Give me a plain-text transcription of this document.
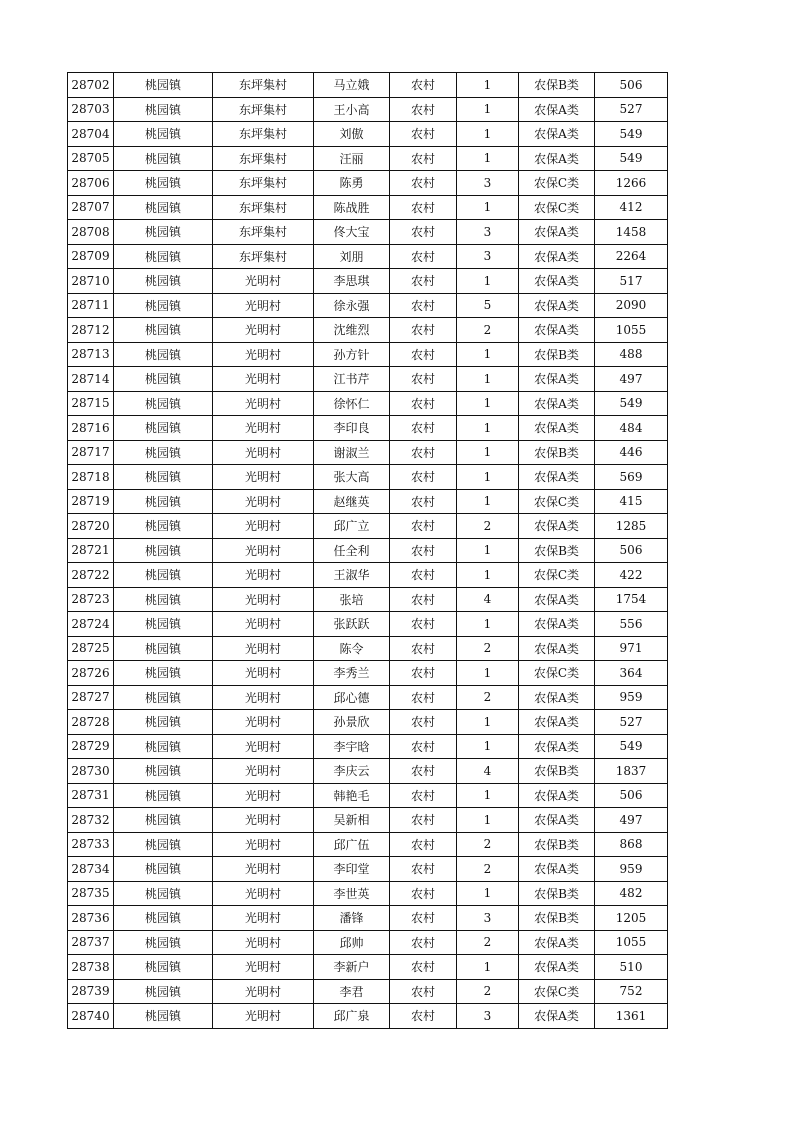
28702	桃园镇	东坪集村	马立娥	农村	1	农保B类	506
28703	桃园镇	东坪集村	王小高	农村	1	农保A类	527
28704	桃园镇	东坪集村	刘傲	农村	1	农保A类	549
28705	桃园镇	东坪集村	汪丽	农村	1	农保A类	549
28706	桃园镇	东坪集村	陈勇	农村	3	农保C类	1266
28707	桃园镇	东坪集村	陈战胜	农村	1	农保C类	412
28708	桃园镇	东坪集村	佟大宝	农村	3	农保A类	1458
28709	桃园镇	东坪集村	刘朋	农村	3	农保A类	2264
28710	桃园镇	光明村	李思琪	农村	1	农保A类	517
28711	桃园镇	光明村	徐永强	农村	5	农保A类	2090
28712	桃园镇	光明村	沈维烈	农村	2	农保A类	1055
28713	桃园镇	光明村	孙方针	农村	1	农保B类	488
28714	桃园镇	光明村	江书芹	农村	1	农保A类	497
28715	桃园镇	光明村	徐怀仁	农村	1	农保A类	549
28716	桃园镇	光明村	李印良	农村	1	农保A类	484
28717	桃园镇	光明村	谢淑兰	农村	1	农保B类	446
28718	桃园镇	光明村	张大高	农村	1	农保A类	569
28719	桃园镇	光明村	赵继英	农村	1	农保C类	415
28720	桃园镇	光明村	邱广立	农村	2	农保A类	1285
28721	桃园镇	光明村	任全利	农村	1	农保B类	506
28722	桃园镇	光明村	王淑华	农村	1	农保C类	422
28723	桃园镇	光明村	张培	农村	4	农保A类	1754
28724	桃园镇	光明村	张跃跃	农村	1	农保A类	556
28725	桃园镇	光明村	陈令	农村	2	农保A类	971
28726	桃园镇	光明村	李秀兰	农村	1	农保C类	364
28727	桃园镇	光明村	邱心德	农村	2	农保A类	959
28728	桃园镇	光明村	孙景欣	农村	1	农保A类	527
28729	桃园镇	光明村	李宇晗	农村	1	农保A类	549
28730	桃园镇	光明村	李庆云	农村	4	农保B类	1837
28731	桃园镇	光明村	韩艳毛	农村	1	农保A类	506
28732	桃园镇	光明村	吴新相	农村	1	农保A类	497
28733	桃园镇	光明村	邱广伍	农村	2	农保B类	868
28734	桃园镇	光明村	李印堂	农村	2	农保A类	959
28735	桃园镇	光明村	李世英	农村	1	农保B类	482
28736	桃园镇	光明村	潘锋	农村	3	农保B类	1205
28737	桃园镇	光明村	邱帅	农村	2	农保A类	1055
28738	桃园镇	光明村	李新户	农村	1	农保A类	510
28739	桃园镇	光明村	李君	农村	2	农保C类	752
28740	桃园镇	光明村	邱广泉	农村	3	农保A类	1361
